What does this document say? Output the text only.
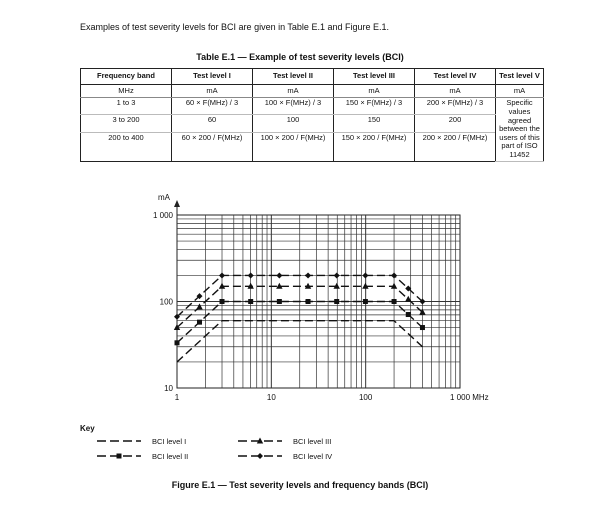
Examples of test severity levels for BCI are given in Table E.1 and Figure E.1.
Table E.1 — Example of test severity levels (BCI)
Frequency band	Test level I	Test level II	Test level III	Test level IV	Test level V
MHz	mA	mA	mA	mA	mA
1 to 3	60 × F(MHz) / 3	100 × F(MHz) / 3	150 × F(MHz) / 3	200 × F(MHz) / 3	Specific values agreed between the users of this part of ISO 11452
3 to 200	60	100	150	200	
200 to 400	60 × 200 / F(MHz)	100 × 200 / F(MHz)	150 × 200 / F(MHz)	200 × 200 / F(MHz)	
mA
1	10	100	1 000 MHz
10
100
1 000
BCI level I
BCI level II
BCI level III
BCI level IV
Key
Figure E.1 — Test severity levels and frequency bands (BCI)
